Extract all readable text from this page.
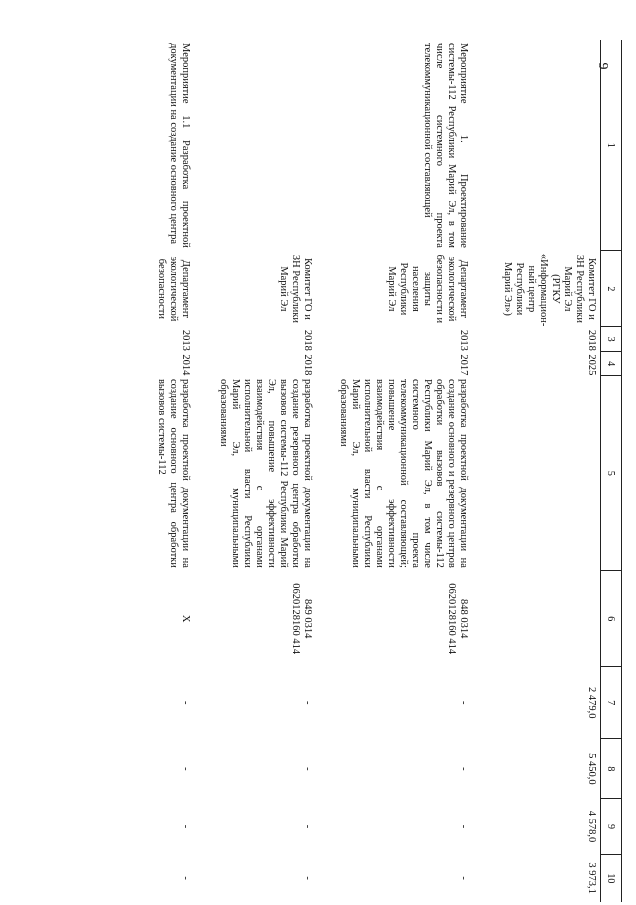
9
1	2	3	4	5	6	7	8	9	10
	Комитет ГО и ЗН Республики Марий Эл (РГКУ «Информацион-ный центр Республики Марий Эл»)	2018	2025			2 479,0	5 450,0	4 578,0	3 973,1
Мероприятие 1. Проектирование системы-112 Республики Марий Эл, в том числе системного проекта телекоммуникационной составляющей	Департамент экологической безопасности и защиты населения Республики Марий Эл	2013	2017	разработка проектной документации на создание основного и резервного центров обработки вызовов системы-112 Республики Марий Эл, в том числе системного проекта телекоммуникационной составляющей; повышение эффективности взаимодействия с органами исполнительной власти Республики Марий Эл, муниципальными образованиями	848 0314
0620128160 414	-	-	-	-
	Комитет ГО и ЗН Республики Марий Эл	2018	2018	разработка проектной документации на создание резервного центра обработки вызовов системы-112 Республики Марий Эл, повышение эффективности взаимодействия с органами исполнительной власти Республики Марий Эл, муниципальными образованиями	849 0314
0620128160 414	-	-	-	-
Мероприятие 1.1 Разработка проектной документации на создание основного центра	Департамент экологической безопасности	2013	2014	разработка проектной документации на создание основного центра обработки вызовов системы-112	Х	-	-	-	-
